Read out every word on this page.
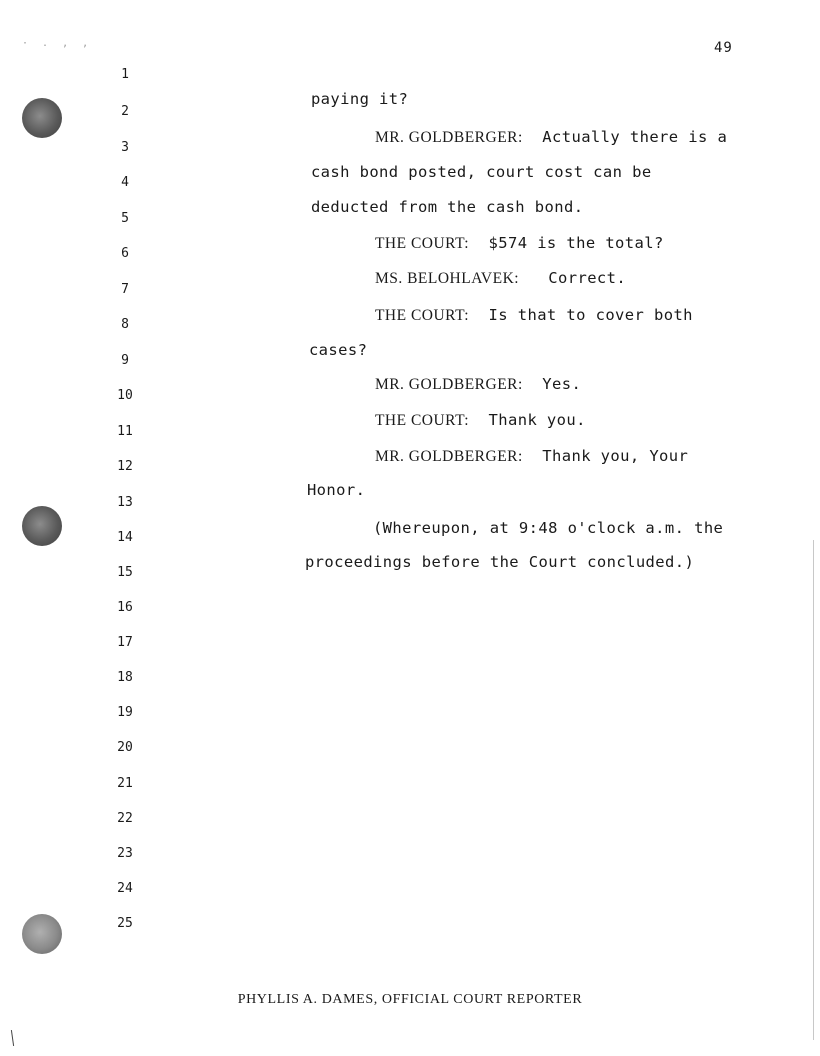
· . , ,	49
1
2
3
4
5
6
7
8
9
10
11
12
13
14
15
16
17
18
19
20
21
22
23
24
25

paying it?

MR. GOLDBERGER:  Actually there is a

cash bond posted, court cost can be

deducted from the cash bond.

THE COURT:  $574 is the total?

MS. BELOHLAVEK:   Correct.

THE COURT:  Is that to cover both

cases?

MR. GOLDBERGER:  Yes.

THE COURT:  Thank you.

MR. GOLDBERGER:  Thank you, Your

Honor.

(Whereupon, at 9:48 o'clock a.m. the

proceedings before the Court concluded.)

PHYLLIS A. DAMES, OFFICIAL COURT REPORTER
